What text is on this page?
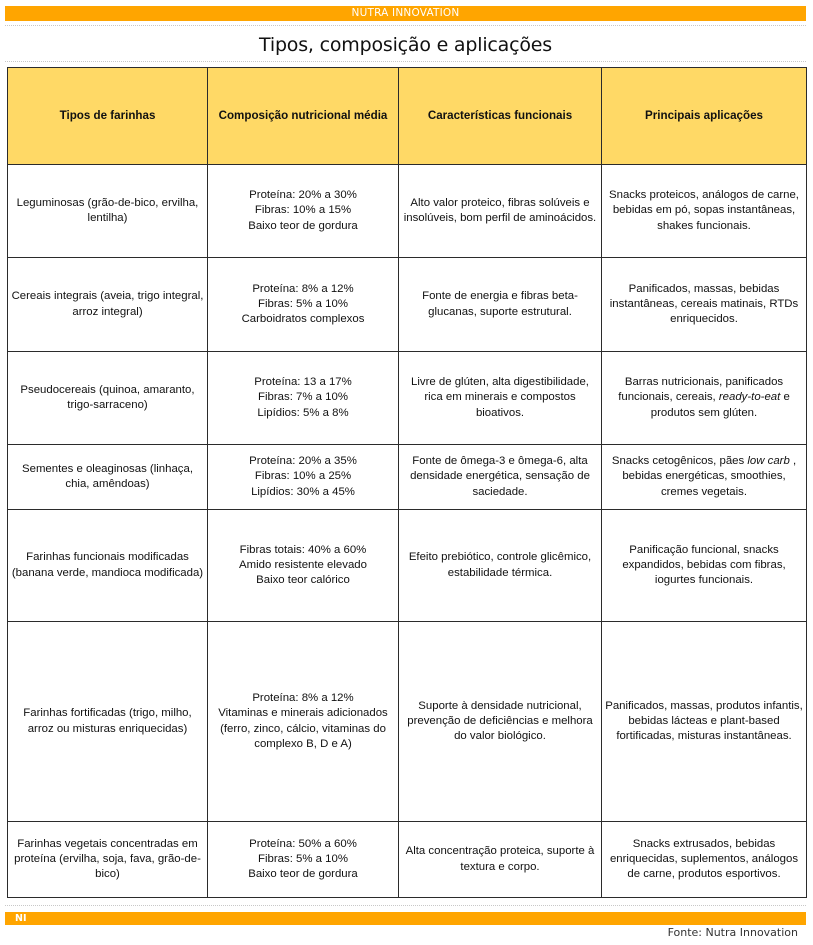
NUTRA INNOVATION
Tipos, composição e aplicações
Tipos de farinhas	Composição nutricional média	Características funcionais	Principais aplicações
Leguminosas (grão-de-bico, ervilha, lentilha)	Proteína: 20% a 30%
Fibras: 10% a 15%
Baixo teor de gordura	Alto valor proteico, fibras solúveis e insolúveis, bom perfil de aminoácidos.	Snacks proteicos, análogos de carne, bebidas em pó, sopas instantâneas, shakes funcionais.
Cereais integrais (aveia, trigo integral, arroz integral)	Proteína: 8% a 12%
Fibras: 5% a 10%
Carboidratos complexos	Fonte de energia e fibras beta-glucanas, suporte estrutural.	Panificados, massas, bebidas instantâneas, cereais matinais, RTDs enriquecidos.
Pseudocereais (quinoa, amaranto, trigo-sarraceno)	Proteína: 13 a 17%
Fibras: 7% a 10%
Lipídios: 5% a 8%	Livre de glúten, alta digestibilidade, rica em minerais e compostos bioativos.	Barras nutricionais, panificados funcionais, cereais, ready-to-eat e produtos sem glúten.
Sementes e oleaginosas (linhaça, chia, amêndoas)	Proteína: 20% a 35%
Fibras: 10% a 25%
Lipídios: 30% a 45%	Fonte de ômega-3 e ômega-6, alta densidade energética, sensação de saciedade.	Snacks cetogênicos, pães low carb , bebidas energéticas, smoothies, cremes vegetais.
Farinhas funcionais modificadas (banana verde, mandioca modificada)	Fibras totais: 40% a 60%
Amido resistente elevado
Baixo teor calórico	Efeito prebiótico, controle glicêmico, estabilidade térmica.	Panificação funcional, snacks expandidos, bebidas com fibras, iogurtes funcionais.
Farinhas fortificadas (trigo, milho, arroz ou misturas enriquecidas)	Proteína: 8% a 12%
Vitaminas e minerais adicionados (ferro, zinco, cálcio, vitaminas do complexo B, D e A)	Suporte à densidade nutricional, prevenção de deficiências e melhora do valor biológico.	Panificados, massas, produtos infantis, bebidas lácteas e plant-based fortificadas, misturas instantâneas.
Farinhas vegetais concentradas em proteína (ervilha, soja, fava, grão-de-bico)	Proteína: 50% a 60%
Fibras: 5% a 10%
Baixo teor de gordura	Alta concentração proteica, suporte à textura e corpo.	Snacks extrusados, bebidas enriquecidas, suplementos, análogos de carne, produtos esportivos.
NI
Fonte: Nutra Innovation
